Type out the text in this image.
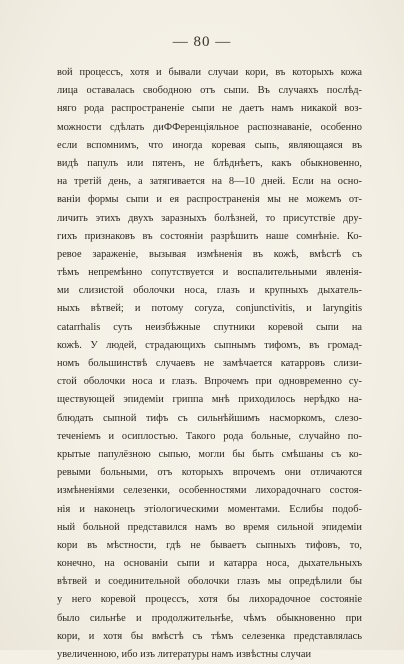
— 80 —
вой процессъ, хотя и бывали случаи кори, въ которыхъ кожа
лица оставалась свободною отъ сыпи. Въ случаяхъ послѣд-
няго рода распространеніе сыпи не даетъ намъ никакой воз-
можности сдѣлать диФФеренціяльное распознаваніе, особенно
если вспомнимъ, что иногда коревая сыпь, являющаяся въ
видѣ папулъ или пятенъ, не блѣднѣетъ, какъ обыкновенно,
на третій день, а затягивается на 8—10 дней. Если на осно-
ваніи формы сыпи и ея распространенія мы не можемъ от-
личить этихъ двухъ заразныхъ болѣзней, то присутствіе дру-
гихъ признаковъ въ состояніи разрѣшить наше сомнѣніе. Ко-
ревое зараженіе, вызывая измѣненія въ кожѣ, вмѣстѣ съ
тѣмъ непремѣнно сопутствуется и воспалительными явленія-
ми слизистой оболочки носа, глазъ и крупныхъ дыхатель-
ныхъ вѣтвей; и потому coryza, conjunctivitis, и laryngitis
catarrhalis суть неизбѣжные спутники коревой сыпи на
кожѣ. У людей, страдающихъ сыпнымъ тифомъ, въ громад-
номъ большинствѣ случаевъ не замѣчается катарровъ слизи-
стой оболочки носа и глазъ. Впрочемъ при одновременно су-
ществующей эпидеміи гриппа мнѣ приходилось нерѣдко на-
блюдать сыпной тифъ съ сильнѣйшимъ насморкомъ, слезо-
теченіемъ и осиплостью. Такого рода больные, случайно по-
крытые папулёзною сыпью, могли бы быть смѣшаны съ ко-
ревыми больными, отъ которыхъ впрочемъ они отличаются
измѣненіями селезенки, особенностями лихорадочнаго состоя-
нія и наконецъ этіологическими моментами. Еслибы подоб-
ный больной представился намъ во время сильной эпидеміи
кори въ мѣстности, гдѣ не бываетъ сыпныхъ тифовъ, то,
конечно, на основаніи сыпи и катарра носа, дыхательныхъ
вѣтвей и соединительной оболочки глазъ мы опредѣлили бы
у него коревой процессъ, хотя бы лихорадочное состояніе
было сильнѣе и продолжительнѣе, чѣмъ обыкновенно при
кори, и хотя бы вмѣстѣ съ тѣмъ селезенка представлялась
увеличенною, ибо изъ литературы намъ извѣстны случаи
